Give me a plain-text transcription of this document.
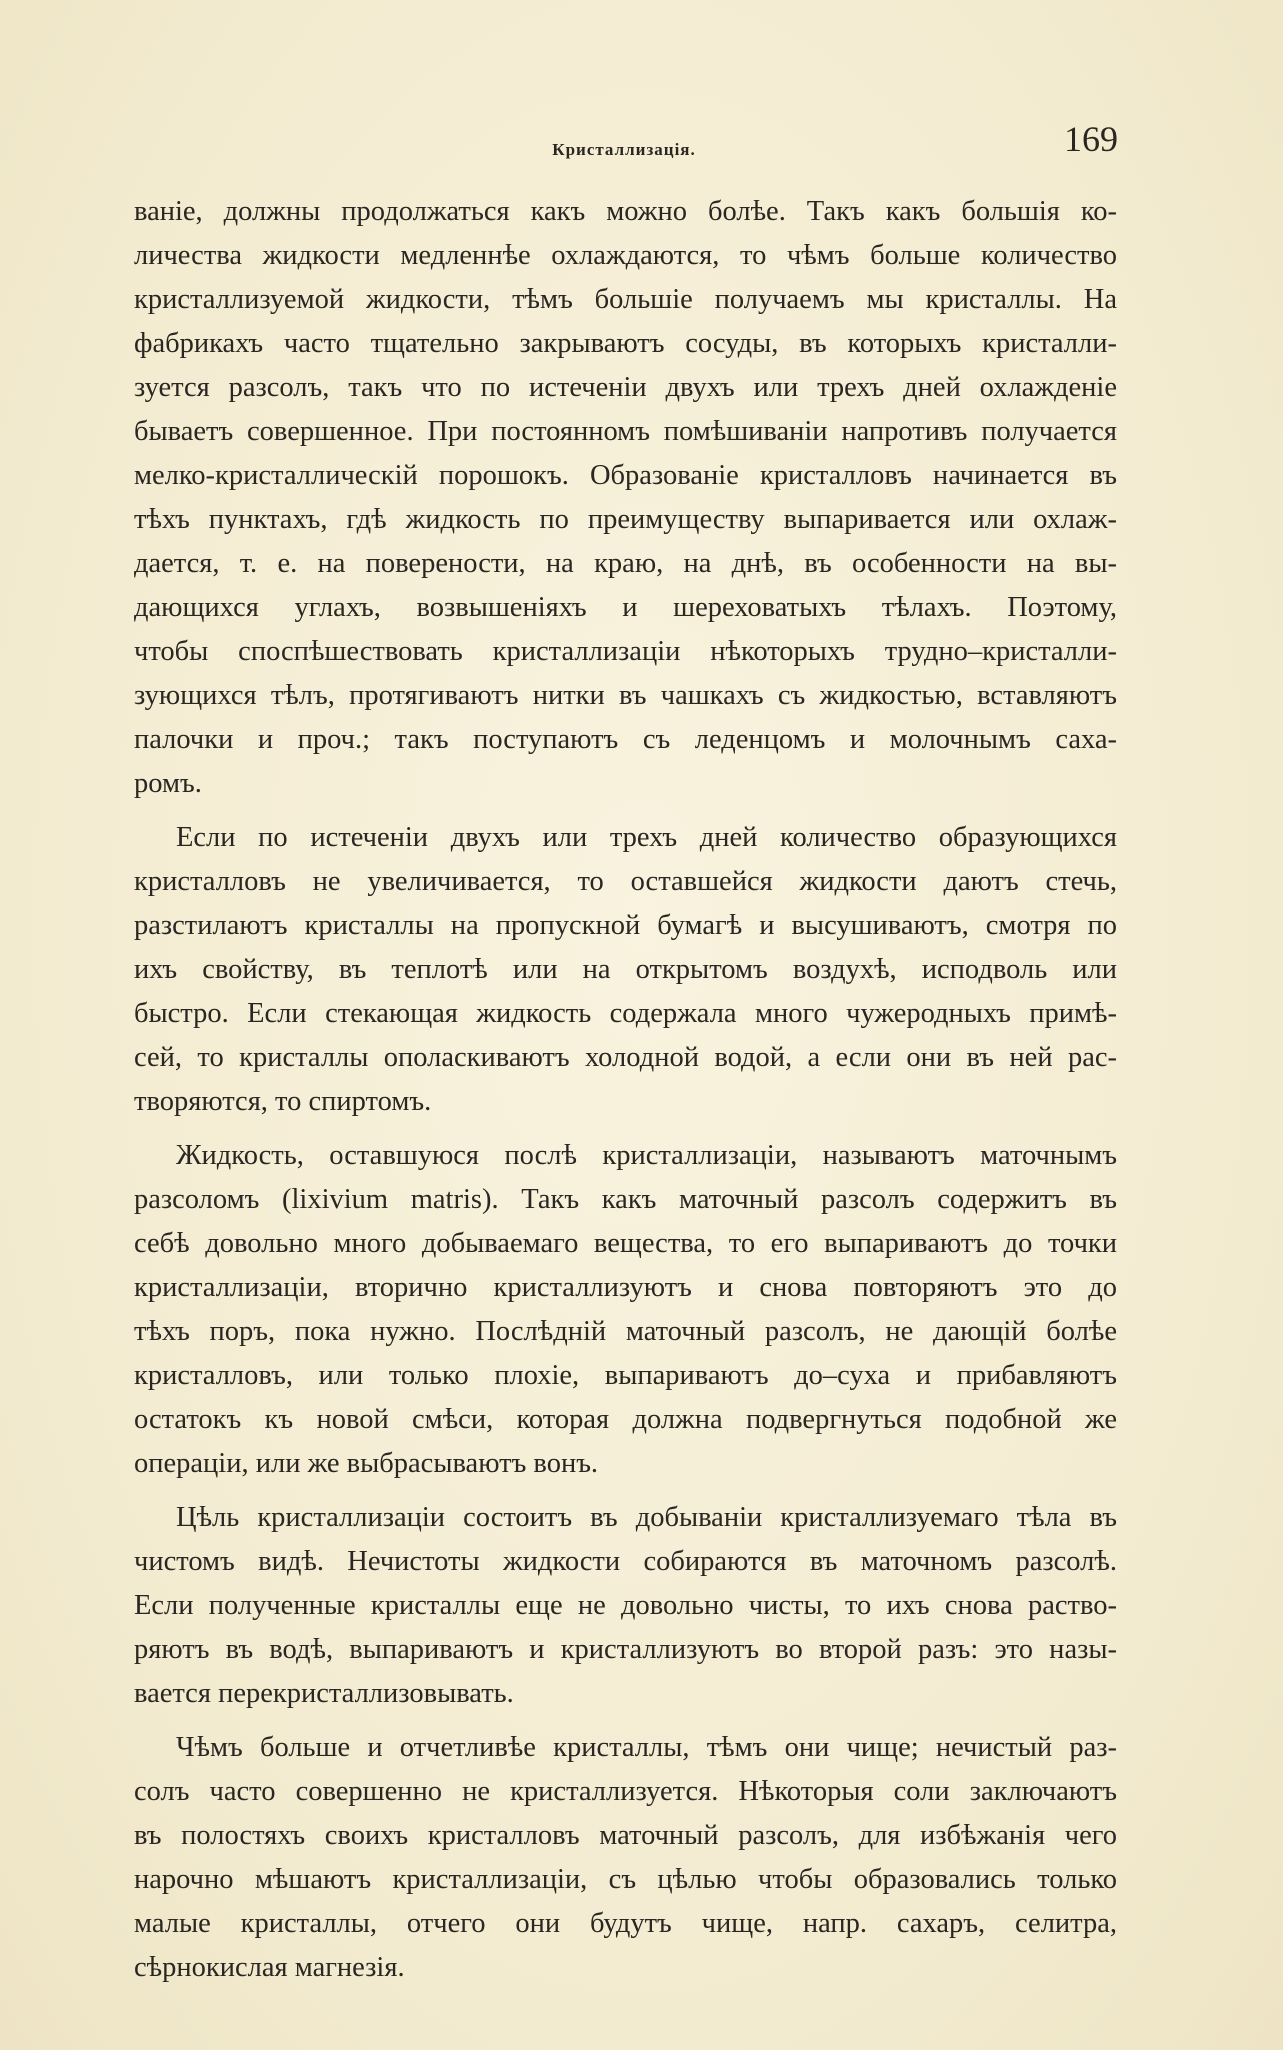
Кристаллизація.	169

ваніе, должны продолжаться какъ можно болѣе. Такъ какъ большія ко-
личества жидкости медленнѣе охлаждаются, то чѣмъ больше количество
кристаллизуемой жидкости, тѣмъ большіе получаемъ мы кристаллы. На
фабрикахъ часто тщательно закрываютъ сосуды, въ которыхъ кристалли-
зуется разсолъ, такъ что по истеченіи двухъ или трехъ дней охлажденіе
бываетъ совершенное. При постоянномъ помѣшиваніи напротивъ получается
мелко-кристаллическій порошокъ. Образованіе кристалловъ начинается въ
тѣхъ пунктахъ, гдѣ жидкость по преимуществу выпаривается или охлаж-
дается, т. е. на поверености, на краю, на днѣ, въ особенности на вы-
дающихся углахъ, возвышеніяхъ и шереховатыхъ тѣлахъ. Поэтому,
чтобы споспѣшествовать кристаллизаціи нѣкоторыхъ трудно–кристалли-
зующихся тѣлъ, протягиваютъ нитки въ чашкахъ съ жидкостью, вставляютъ
палочки и проч.; такъ поступаютъ съ леденцомъ и молочнымъ саха-
ромъ.

Если по истеченіи двухъ или трехъ дней количество образующихся
кристалловъ не увеличивается, то оставшейся жидкости даютъ стечь,
разстилаютъ кристаллы на пропускной бумагѣ и высушиваютъ, смотря по
ихъ свойству, въ теплотѣ или на открытомъ воздухѣ, исподволь или
быстро. Если стекающая жидкость содержала много чужеродныхъ примѣ-
сей, то кристаллы ополаскиваютъ холодной водой, а если они въ ней рас-
творяются, то спиртомъ.

Жидкость, оставшуюся послѣ кристаллизаціи, называютъ маточнымъ
разсоломъ (lixivium matris). Такъ какъ маточный разсолъ содержитъ въ
себѣ довольно много добываемаго вещества, то его выпариваютъ до точки
кристаллизаціи, вторично кристаллизуютъ и снова повторяютъ это до
тѣхъ поръ, пока нужно. Послѣдній маточный разсолъ, не дающій болѣе
кристалловъ, или только плохіе, выпариваютъ до–суха и прибавляютъ
остатокъ къ новой смѣси, которая должна подвергнуться подобной же
операціи, или же выбрасываютъ вонъ.

Цѣль кристаллизаціи состоитъ въ добываніи кристаллизуемаго тѣла въ
чистомъ видѣ. Нечистоты жидкости собираются въ маточномъ разсолѣ.
Если полученные кристаллы еще не довольно чисты, то ихъ снова раство-
ряютъ въ водѣ, выпариваютъ и кристаллизуютъ во второй разъ: это назы-
вается перекристаллизовывать.

Чѣмъ больше и отчетливѣе кристаллы, тѣмъ они чище; нечистый раз-
солъ часто совершенно не кристаллизуется. Нѣкоторыя соли заключаютъ
въ полостяхъ своихъ кристалловъ маточный разсолъ, для избѣжанія чего
нарочно мѣшаютъ кристаллизаціи, съ цѣлью чтобы образовались только
малые кристаллы, отчего они будутъ чище, напр. сахаръ, селитра,
сѣрнокислая магнезія.
